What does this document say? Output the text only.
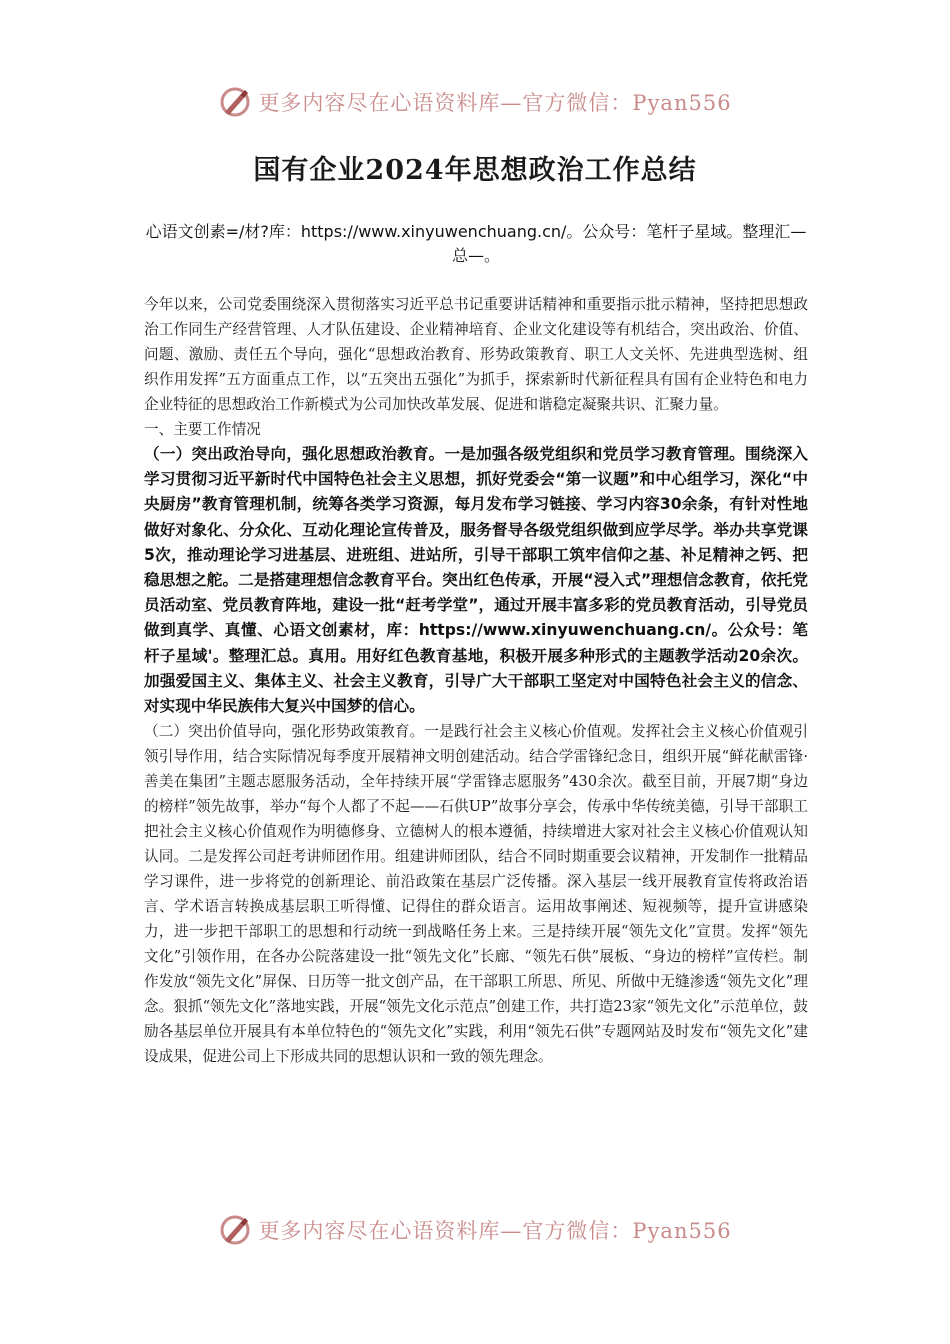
更多内容尽在心语资料库—官方微信：Pyan556
国有企业2024年思想政治工作总结
心语文创素=/材?库：https://www.xinyuwenchuang.cn/。公众号：笔杆子星域。整理汇—总—。

今年以来，公司党委围绕深入贯彻落实习近平总书记重要讲话精神和重要指示批示精神，坚持把思想政治工作同生产经营管理、人才队伍建设、企业精神培育、企业文化建设等有机结合，突出政治、价值、问题、激励、责任五个导向，强化“思想政治教育、形势政策教育、职工人文关怀、先进典型选树、组织作用发挥”五方面重点工作，以“五突出五强化”为抓手，探索新时代新征程具有国有企业特色和电力企业特征的思想政治工作新模式为公司加快改革发展、促进和谐稳定凝聚共识、汇聚力量。

一、主要工作情况

（一）突出政治导向，强化思想政治教育。一是加强各级党组织和党员学习教育管理。围绕深入学习贯彻习近平新时代中国特色社会主义思想，抓好党委会“第一议题”和中心组学习，深化“中央厨房”教育管理机制，统筹各类学习资源，每月发布学习链接、学习内容30余条，有针对性地做好对象化、分众化、互动化理论宣传普及，服务督导各级党组织做到应学尽学。举办共享党课5次，推动理论学习进基层、进班组、进站所，引导干部职工筑牢信仰之基、补足精神之钙、把稳思想之舵。二是搭建理想信念教育平台。突出红色传承，开展“浸入式”理想信念教育，依托党员活动室、党员教育阵地，建设一批“赶考学堂”，通过开展丰富多彩的党员教育活动，引导党员做到真学、真懂、心语文创素材，库：https://www.xinyuwenchuang.cn/。公众号：笔杆子星域'。整理汇总。真用。用好红色教育基地，积极开展多种形式的主题教学活动20余次。加强爱国主义、集体主义、社会主义教育，引导广大干部职工坚定对中国特色社会主义的信念、对实现中华民族伟大复兴中国梦的信心。

（二）突出价值导向，强化形势政策教育。一是践行社会主义核心价值观。发挥社会主义核心价值观引领引导作用，结合实际情况每季度开展精神文明创建活动。结合学雷锋纪念日，组织开展“鲜花献雷锋·善美在集团”主题志愿服务活动，全年持续开展“学雷锋志愿服务”430余次。截至目前，开展7期“身边的榜样”领先故事，举办“每个人都了不起——石供UP”故事分享会，传承中华传统美德，引导干部职工把社会主义核心价值观作为明德修身、立德树人的根本遵循，持续增进大家对社会主义核心价值观认知认同。二是发挥公司赶考讲师团作用。组建讲师团队，结合不同时期重要会议精神，开发制作一批精品学习课件，进一步将党的创新理论、前沿政策在基层广泛传播。深入基层一线开展教育宣传将政治语言、学术语言转换成基层职工听得懂、记得住的群众语言。运用故事阐述、短视频等，提升宣讲感染力，进一步把干部职工的思想和行动统一到战略任务上来。三是持续开展“领先文化”宣贯。发挥“领先文化”引领作用，在各办公院落建设一批“领先文化”长廊、“领先石供”展板、“身边的榜样”宣传栏。制作发放“领先文化”屏保、日历等一批文创产品，在干部职工所思、所见、所做中无缝渗透“领先文化”理念。狠抓“领先文化”落地实践，开展“领先文化示范点”创建工作，共打造23家“领先文化”示范单位，鼓励各基层单位开展具有本单位特色的“领先文化”实践，利用“领先石供”专题网站及时发布“领先文化”建设成果，促进公司上下形成共同的思想认识和一致的领先理念。

更多内容尽在心语资料库—官方微信：Pyan556
